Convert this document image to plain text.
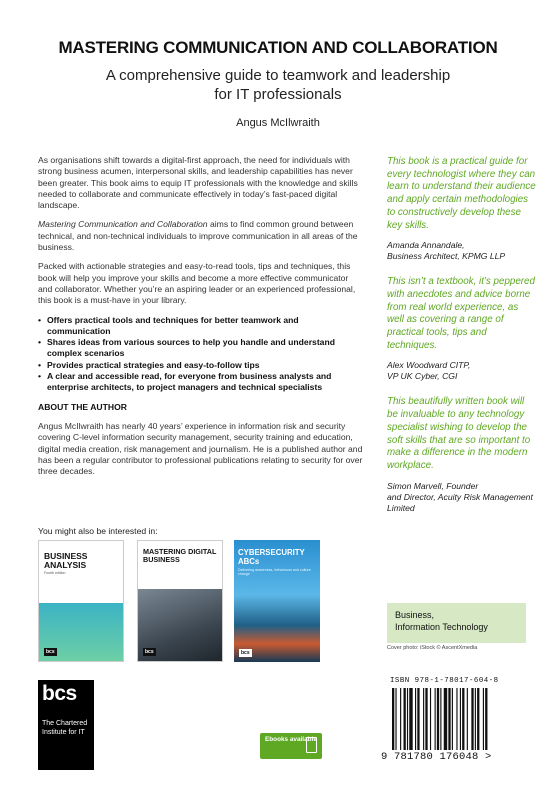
MASTERING COMMUNICATION AND COLLABORATION
A comprehensive guide to teamwork and leadership for IT professionals
Angus McIlwraith

As organisations shift towards a digital-first approach, the need for individuals with strong business acumen, interpersonal skills, and leadership capabilities has never been greater. This book aims to equip IT professionals with the knowledge and skills needed to collaborate and communicate effectively in today’s fast-paced digital landscape.

Mastering Communication and Collaboration aims to find common ground between technical, and non-technical individuals to improve communication in all areas of the business.

Packed with actionable strategies and easy-to-read tools, tips and techniques, this book will help you improve your skills and become a more effective communicator and collaborator. Whether you’re an aspiring leader or an experienced professional, this book is a must-have in your library.

• Offers practical tools and techniques for better teamwork and communication
• Shares ideas from various sources to help you handle and understand complex scenarios
• Provides practical strategies and easy-to-follow tips
• A clear and accessible read, for everyone from business analysts and enterprise architects, to project managers and technical specialists

ABOUT THE AUTHOR

Angus McIlwraith has nearly 40 years’ experience in information risk and security covering C-level information security management, security training and education, digital media creation, risk management and journalism. He is a published author and has been a regular contributor to professional publications relating to security for over three decades.

This book is a practical guide for every technologist where they can learn to understand their audience and apply certain methodologies to constructively develop these key skills.

Amanda Annandale,
Business Architect, KPMG LLP

This isn’t a textbook, it’s peppered with anecdotes and advice borne from real world experience, as well as covering a range of practical tools, tips and techniques.

Alex Woodward CITP,
VP UK Cyber, CGI

This beautifully written book will be invaluable to any technology specialist wishing to develop the soft skills that are so important to make a difference in the modern workplace.

Simon Marvell, Founder
and Director, Acuity Risk Management Limited

You might also be interested in:
BUSINESS ANALYSIS
Fourth edition
bcs
MASTERING DIGITAL BUSINESS
bcs
CYBERSECURITY ABCs
Delivering awareness, behaviours and culture change
bcs
bcs
The Chartered Institute for IT
Ebooks available
Business,
Information Technology
Cover photo: iStock © AscentXmedia
ISBN 978-1-78017-604-8
9 781780 176048 >
